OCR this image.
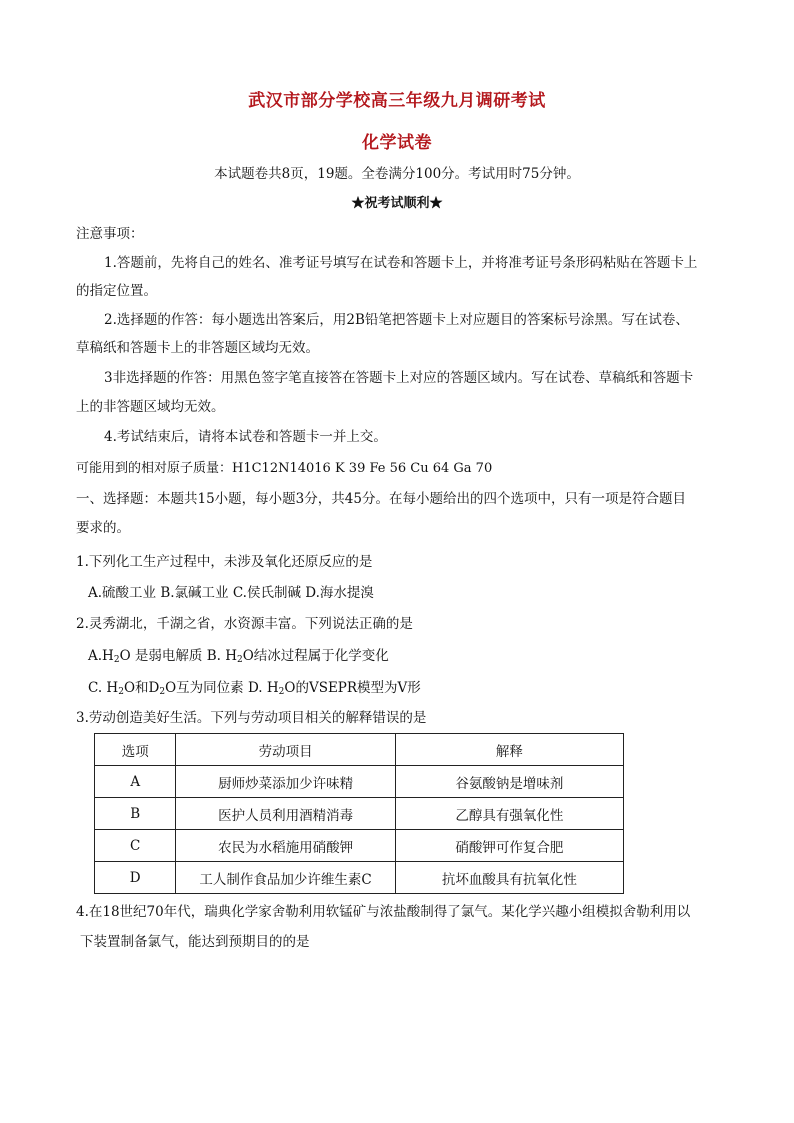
武汉市部分学校高三年级九月调研考试
化学试卷
本试题卷共8页，19题。全卷满分100分。考试用时75分钟。
★祝考试顺利★
注意事项：
1.答题前，先将自己的姓名、准考证号填写在试卷和答题卡上，并将准考证号条形码粘贴在答题卡上
的指定位置。
2.选择题的作答：每小题选出答案后，用2B铅笔把答题卡上对应题目的答案标号涂黑。写在试卷、
草稿纸和答题卡上的非答题区域均无效。
3非选择题的作答：用黑色签字笔直接答在答题卡上对应的答题区域内。写在试卷、草稿纸和答题卡
上的非答题区域均无效。
4.考试结束后，请将本试卷和答题卡一并上交。
可能用到的相对原子质量：H1C12N14016 K 39 Fe 56 Cu 64 Ga 70
一、选择题：本题共15小题，每小题3分，共45分。在每小题给出的四个选项中，只有一项是符合题目
要求的。
1.下列化工生产过程中，未涉及氧化还原反应的是
A.硫酸工业 B.氯碱工业 C.侯氏制碱 D.海水提溴
2.灵秀湖北，千湖之省，水资源丰富。下列说法正确的是
$A.H_2O$ 是弱电解质 B. $H_2O$结冰过程属于化学变化
C. $H_2O$和$D_2O$互为同位素 D. $H_2O$的VSEPR模型为V形
3.劳动创造美好生活。下列与劳动项目相关的解释错误的是
选项	劳动项目	解释
A	厨师炒菜添加少许味精	谷氨酸钠是增味剂
B	医护人员利用酒精消毒	乙醇具有强氧化性
C	农民为水稻施用硝酸钾	硝酸钾可作复合肥
D	工人制作食品加少许维生素C	抗坏血酸具有抗氧化性
4.在18世纪70年代，瑞典化学家舍勒利用软锰矿与浓盐酸制得了氯气。某化学兴趣小组模拟舍勒利用以
下装置制备氯气，能达到预期目的的是
